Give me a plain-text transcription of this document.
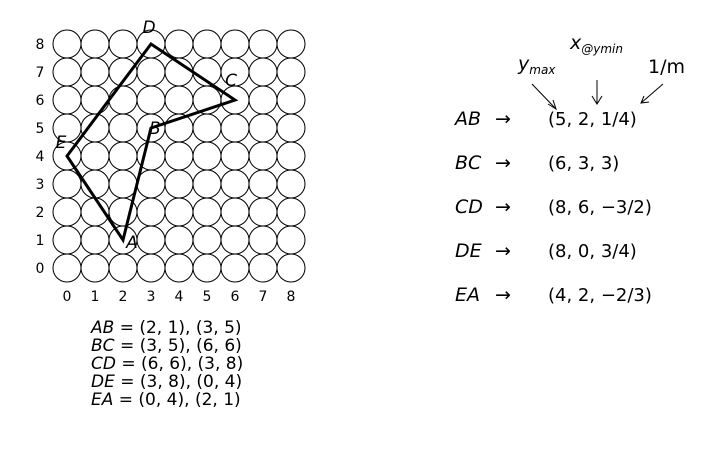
0 1 2 3 4 5 6 7 8
0
1
2
3
4
5
6
7
8
A
B
C
D
E
AB = (2, 1), (3, 5)
BC = (3, 5), (6, 6)
CD = (6, 6), (3, 8)
DE = (3, 8), (0, 4)
EA = (0, 4), (2, 1)
$y_{max}$
$x_{@ymin}$
1/m
AB → (5, 2, 1/4)
BC → (6, 3, 3)
CD → (8, 6, −3/2)
DE → (8, 0, 3/4)
EA → (4, 2, −2/3)
